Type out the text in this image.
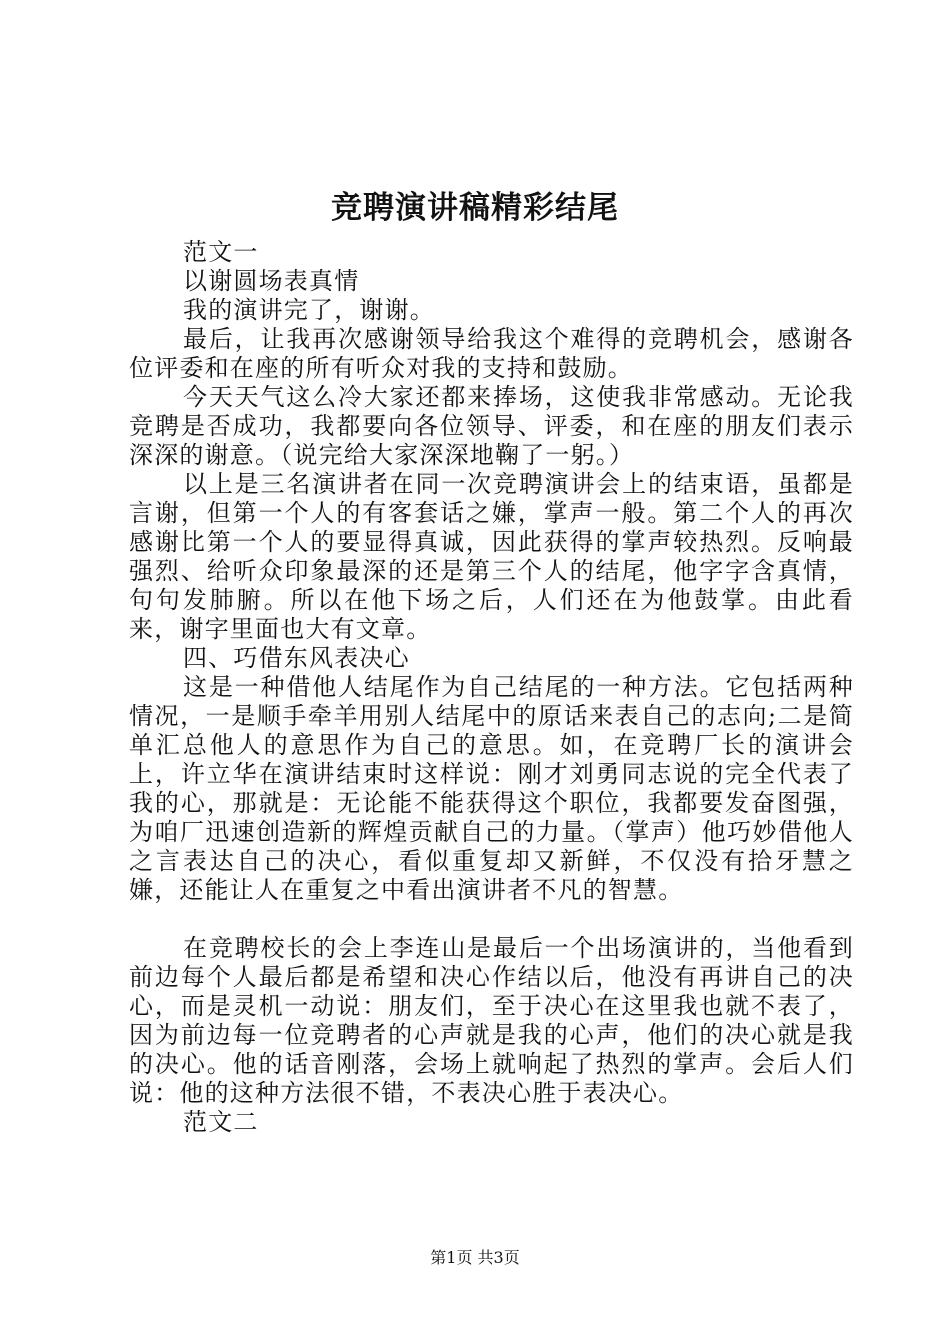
竞聘演讲稿精彩结尾

范文一

以谢圆场表真情

我的演讲完了，谢谢。

最后，让我再次感谢领导给我这个难得的竞聘机会，感谢各位评委和在座的所有听众对我的支持和鼓励。

今天天气这么冷大家还都来捧场，这使我非常感动。无论我竞聘是否成功，我都要向各位领导、评委，和在座的朋友们表示深深的谢意。（说完给大家深深地鞠了一躬。）

以上是三名演讲者在同一次竞聘演讲会上的结束语，虽都是言谢，但第一个人的有客套话之嫌，掌声一般。第二个人的再次感谢比第一个人的要显得真诚，因此获得的掌声较热烈。反响最强烈、给听众印象最深的还是第三个人的结尾，他字字含真情，句句发肺腑。所以在他下场之后，人们还在为他鼓掌。由此看来，谢字里面也大有文章。

四、巧借东风表决心

这是一种借他人结尾作为自己结尾的一种方法。它包括两种情况，一是顺手牵羊用别人结尾中的原话来表自己的志向;二是简单汇总他人的意思作为自己的意思。如，在竞聘厂长的演讲会上，许立华在演讲结束时这样说：刚才刘勇同志说的完全代表了我的心，那就是：无论能不能获得这个职位，我都要发奋图强，为咱厂迅速创造新的辉煌贡献自己的力量。（掌声）他巧妙借他人之言表达自己的决心，看似重复却又新鲜，不仅没有拾牙慧之嫌，还能让人在重复之中看出演讲者不凡的智慧。

在竞聘校长的会上李连山是最后一个出场演讲的，当他看到前边每个人最后都是希望和决心作结以后，他没有再讲自己的决心，而是灵机一动说：朋友们，至于决心在这里我也就不表了，因为前边每一位竞聘者的心声就是我的心声，他们的决心就是我的决心。他的话音刚落，会场上就响起了热烈的掌声。会后人们说：他的这种方法很不错，不表决心胜于表决心。

范文二

第1页 共3页
